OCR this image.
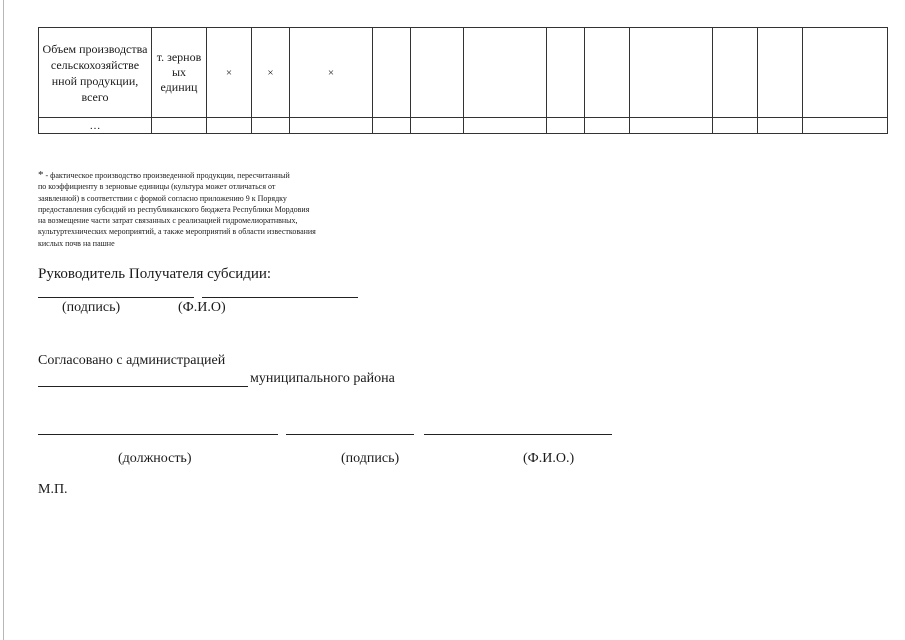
Объем производства сельскохозяйстве нной продукции, всего	т. зернов ых единиц	×	×	×									
…													
* - фактическое производство произведенной продукции, пересчитанный
по коэффициенту в зерновые единицы (культура может отличаться от
заявленной) в соответствии с формой согласно приложению 9 к Порядку
предоставления субсидий из республиканского бюджета Республики Мордовия
на возмещение части затрат связанных с реализацией гидромелиоратнвных,
культуртехнических мероприятий, а также мероприятий в области известкования
кислых почв на пашне
Руководитель Получателя субсидии:
(подпись)	(Ф.И.О)
Согласовано с администрацией
муниципального района
(должность)	(подпись)	(Ф.И.О.)
М.П.
